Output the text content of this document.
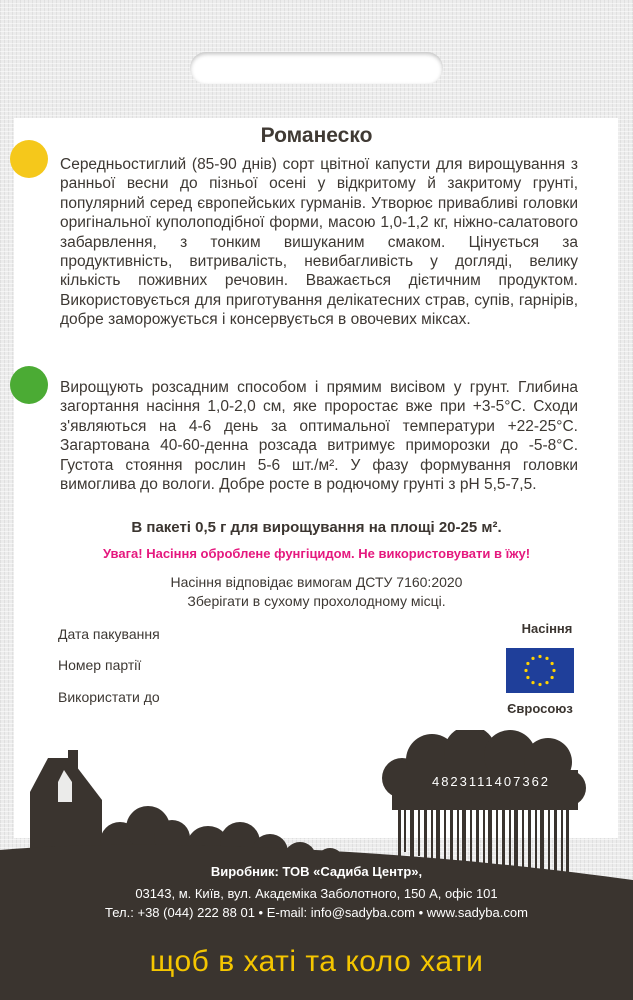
Романеско

Середньостиглий (85-90 днів) сорт цвітної капусти для вирощування з ранньої весни до пізньої осені у відкритому й закритому грунті, популярний серед європейських гурманів. Утворює привабливі головки оригінальної куполоподібної форми, масою 1,0-1,2 кг, ніжно-салатового забарвлення, з тонким вишуканим смаком. Цінується за продуктивність, витривалість, невибагливість у догляді, велику кількість поживних речовин. Вважається дієтичним продуктом. Використовується для приготування делікатесних страв, супів, гарнірів, добре заморожується і консервується в овочевих міксах.

Вирощують розсадним способом і прямим висівом у грунт. Глибина загортання насіння 1,0-2,0 см, яке проростає вже при +3-5°С. Сходи з'являються на 4-6 день за оптимальної температури +22-25°С. Загартована 40-60-денна розсада витримує приморозки до -5-8°С. Густота стояння рослин 5-6 шт./м². У фазу формування головки вимоглива до вологи. Добре росте в родючому грунті з pH 5,5-7,5.

В пакеті 0,5 г для вирощування на площі 20-25 м².
Увага! Насіння оброблене фунгіцидом. Не використовувати в їжу!
Насіння відповідає вимогам ДСТУ 7160:2020
Зберігати в сухому прохолодному місці.
Дата пакування
Номер партії
Використати до
Насіння
Євросоюз
4823111407362
Виробник: ТОВ «Садиба Центр»,
03143, м. Київ, вул. Академіка Заболотного, 150 А, офіс 101
Тел.: +38 (044) 222 88 01 • E-mail: info@sadyba.com • www.sadyba.com
щоб в хаті та коло хати
